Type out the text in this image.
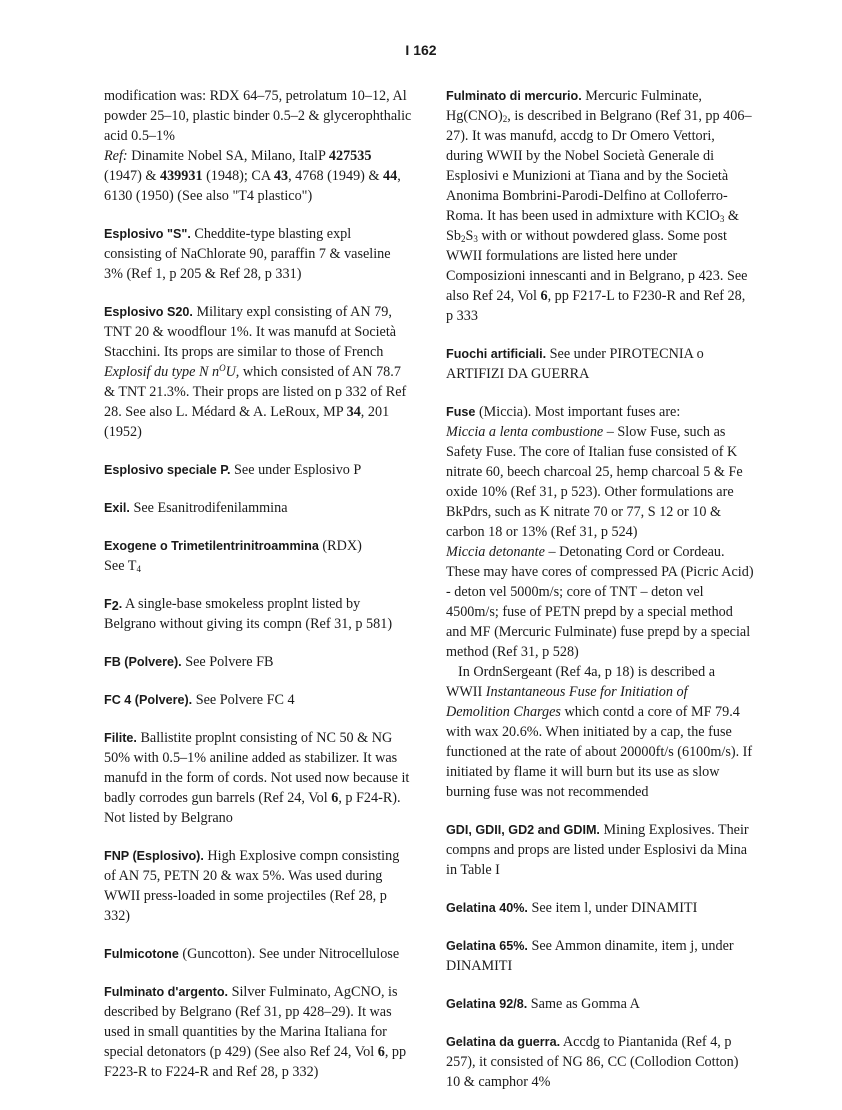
I 162

modification was: RDX 64–75, petrolatum 10–12, Al powder 25–10, plastic binder 0.5–2 & glycerophthalic acid 0.5–1%
Ref: Dinamite Nobel SA, Milano, ItalP 427535 (1947) & 439931 (1948); CA 43, 4768 (1949) & 44, 6130 (1950) (See also "T4 plastico")

Esplosivo "S". Cheddite-type blasting expl consisting of NaChlorate 90, paraffin 7 & vaseline 3% (Ref 1, p 205 & Ref 28, p 331)

Esplosivo S20. Military expl consisting of AN 79, TNT 20 & woodflour 1%. It was manufd at Società Stacchini. Its props are similar to those of French Explosif du type N $n^OU$, which consisted of AN 78.7 & TNT 21.3%. Their props are listed on p 332 of Ref 28. See also L. Médard & A. LeRoux, MP 34, 201 (1952)

Esplosivo speciale P. See under Esplosivo P

Exil. See Esanitrodifenilammina

Exogene o Trimetilentrinitroammina (RDX)
See $T_4$

$F_2$. A single-base smokeless proplnt listed by Belgrano without giving its compn (Ref 31, p 581)

FB (Polvere). See Polvere FB

FC 4 (Polvere). See Polvere FC 4

Filite. Ballistite proplnt consisting of NC 50 & NG 50% with 0.5–1% aniline added as stabilizer. It was manufd in the form of cords. Not used now because it badly corrodes gun barrels (Ref 24, Vol 6, p F24-R). Not listed by Belgrano

FNP (Esplosivo). High Explosive compn consisting of AN 75, PETN 20 & wax 5%. Was used during WWII press-loaded in some projectiles (Ref 28, p 332)

Fulmicotone (Guncotton). See under Nitrocellulose

Fulminato d'argento. Silver Fulminato, AgCNO, is described by Belgrano (Ref 31, pp 428–29). It was used in small quantities by the Marina Italiana for special detonators (p 429) (See also Ref 24, Vol 6, pp F223-R to F224-R and Ref 28, p 332)

Fulminato di mercurio. Mercuric Fulminate, $Hg(CNO)_2$, is described in Belgrano (Ref 31, pp 406–27). It was manufd, accdg to Dr Omero Vettori, during WWII by the Nobel Società Generale di Esplosivi e Munizioni at Tiana and by the Società Anonima Bombrini-Parodi-Delfino at Colloferro-Roma. It has been used in admixture with KClO$_3$ & $Sb_2S_3$ with or without powdered glass. Some post WWII formulations are listed here under Composizioni innescanti and in Belgrano, p 423. See also Ref 24, Vol 6, pp F217-L to F230-R and Ref 28, p 333

Fuochi artificiali. See under PIROTECNIA o ARTIFIZI DA GUERRA

Fuse (Miccia). Most important fuses are:
Miccia a lenta combustione – Slow Fuse, such as Safety Fuse. The core of Italian fuse consisted of K nitrate 60, beech charcoal 25, hemp charcoal 5 & Fe oxide 10% (Ref 31, p 523). Other formulations are BkPdrs, such as K nitrate 70 or 77, S 12 or 10 & carbon 18 or 13% (Ref 31, p 524)
Miccia detonante – Detonating Cord or Cordeau. These may have cores of compressed PA (Picric Acid) - deton vel 5000m/s; core of TNT – deton vel 4500m/s; fuse of PETN prepd by a special method and MF (Mercuric Fulminate) fuse prepd by a special method (Ref 31, p 528)

In OrdnSergeant (Ref 4a, p 18) is described a WWII Instantaneous Fuse for Initiation of Demolition Charges which contd a core of MF 79.4 with wax 20.6%. When initiated by a cap, the fuse functioned at the rate of about 20000ft/s (6100m/s). If initiated by flame it will burn but its use as slow burning fuse was not recommended

GDI, GDII, GD2 and GDIM. Mining Explosives. Their compns and props are listed under Esplosivi da Mina in Table I

Gelatina 40%. See item l, under DINAMITI

Gelatina 65%. See Ammon dinamite, item j, under DINAMITI

Gelatina 92/8. Same as Gomma A

Gelatina da guerra. Accdg to Piantanida (Ref 4, p 257), it consisted of NG 86, CC (Collodion Cotton) 10 & camphor 4%
